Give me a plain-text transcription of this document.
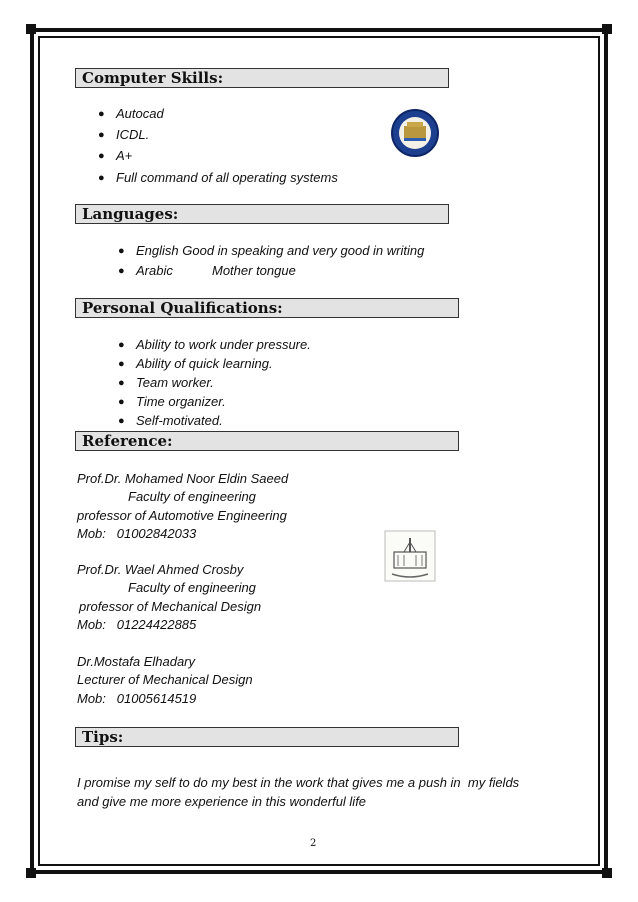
Computer Skills:
● Autocad
● ICDL.
● A+
● Full command of all operating systems
Languages:
● English Good in speaking and very good in writing
● Arabic	Mother tongue
Personal Qualifications:
● Ability to work under pressure.
● Ability of quick learning.
● Team worker.
● Time organizer.
● Self-motivated.
Reference:
Prof.Dr. Mohamed Noor Eldin Saeed
Faculty of engineering
professor of Automotive Engineering
Mob:   01002842033
Prof.Dr. Wael Ahmed Crosby
Faculty of engineering
professor of Mechanical Design
Mob:   01224422885
Dr.Mostafa Elhadary
Lecturer of Mechanical Design
Mob:   01005614519
Tips:
I promise my self to do my best in the work that gives me a push in  my fields
and give me more experience in this wonderful life
2
